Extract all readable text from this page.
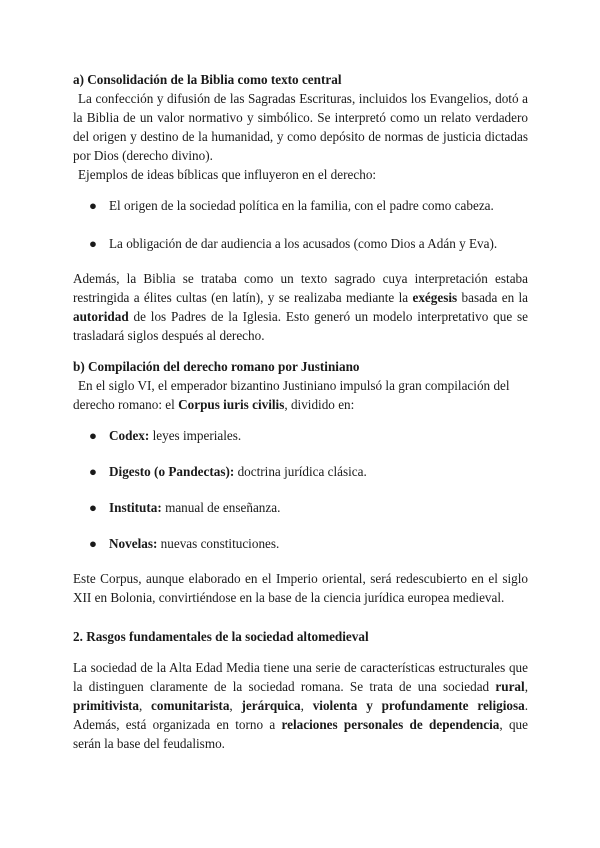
a) Consolidación de la Biblia como texto central

La confección y difusión de las Sagradas Escrituras, incluidos los Evangelios, dotó a la Biblia de un valor normativo y simbólico. Se interpretó como un relato verdadero del origen y destino de la humanidad, y como depósito de normas de justicia dictadas por Dios (derecho divino).

Ejemplos de ideas bíblicas que influyeron en el derecho:

● El origen de la sociedad política en la familia, con el padre como cabeza.
● La obligación de dar audiencia a los acusados (como Dios a Adán y Eva).

Además, la Biblia se trataba como un texto sagrado cuya interpretación estaba restringida a élites cultas (en latín), y se realizaba mediante la exégesis basada en la autoridad de los Padres de la Iglesia. Esto generó un modelo interpretativo que se trasladará siglos después al derecho.

b) Compilación del derecho romano por Justiniano

En el siglo VI, el emperador bizantino Justiniano impulsó la gran compilación del derecho romano: el Corpus iuris civilis, dividido en:

● Codex: leyes imperiales.
● Digesto (o Pandectas): doctrina jurídica clásica.
● Instituta: manual de enseñanza.
● Novelas: nuevas constituciones.

Este Corpus, aunque elaborado en el Imperio oriental, será redescubierto en el siglo XII en Bolonia, convirtiéndose en la base de la ciencia jurídica europea medieval.

2. Rasgos fundamentales de la sociedad altomedieval

La sociedad de la Alta Edad Media tiene una serie de características estructurales que la distinguen claramente de la sociedad romana. Se trata de una sociedad rural, primitivista, comunitarista, jerárquica, violenta y profundamente religiosa. Además, está organizada en torno a relaciones personales de dependencia, que serán la base del feudalismo.
